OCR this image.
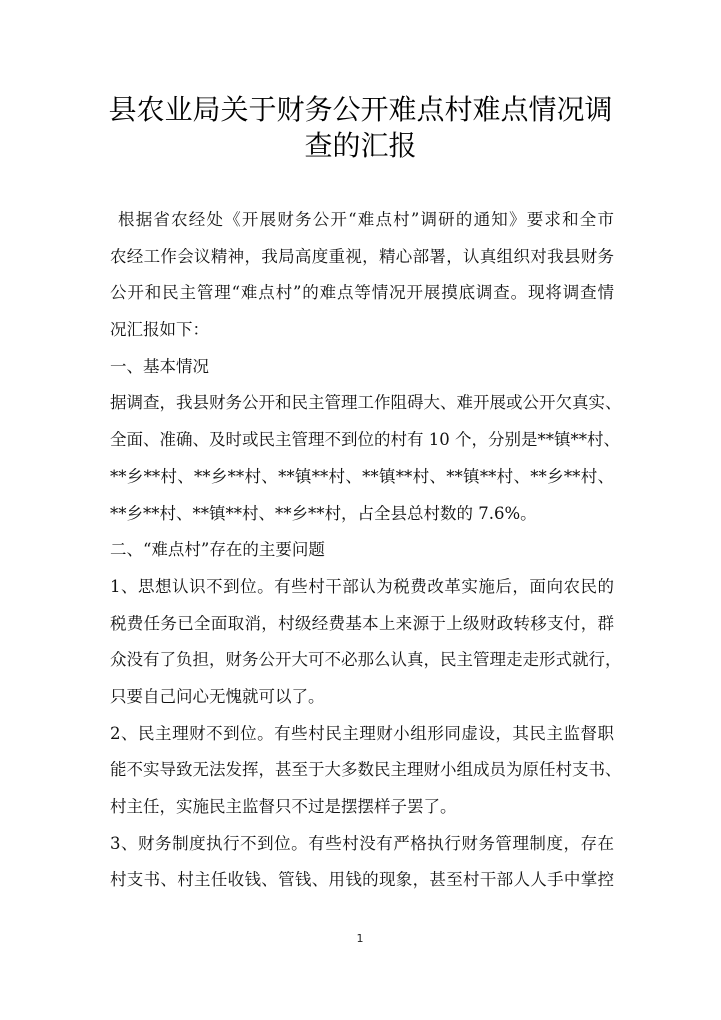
县农业局关于财务公开难点村难点情况调
查的汇报
根据省农经处《开展财务公开“难点村”调研的通知》要求和全市
农经工作会议精神，我局高度重视，精心部署，认真组织对我县财务
公开和民主管理“难点村”的难点等情况开展摸底调查。现将调查情
况汇报如下：
一、基本情况
据调查，我县财务公开和民主管理工作阻碍大、难开展或公开欠真实、
全面、准确、及时或民主管理不到位的村有 10 个，分别是**镇**村、
**乡**村、**乡**村、**镇**村、**镇**村、**镇**村、**乡**村、
**乡**村、**镇**村、**乡**村，占全县总村数的 7.6%。
二、“难点村”存在的主要问题
1、思想认识不到位。有些村干部认为税费改革实施后，面向农民的
税费任务已全面取消，村级经费基本上来源于上级财政转移支付，群
众没有了负担，财务公开大可不必那么认真，民主管理走走形式就行，
只要自己问心无愧就可以了。
2、民主理财不到位。有些村民主理财小组形同虚设，其民主监督职
能不实导致无法发挥，甚至于大多数民主理财小组成员为原任村支书、
村主任，实施民主监督只不过是摆摆样子罢了。
3、财务制度执行不到位。有些村没有严格执行财务管理制度，存在
村支书、村主任收钱、管钱、用钱的现象，甚至村干部人人手中掌控
1
